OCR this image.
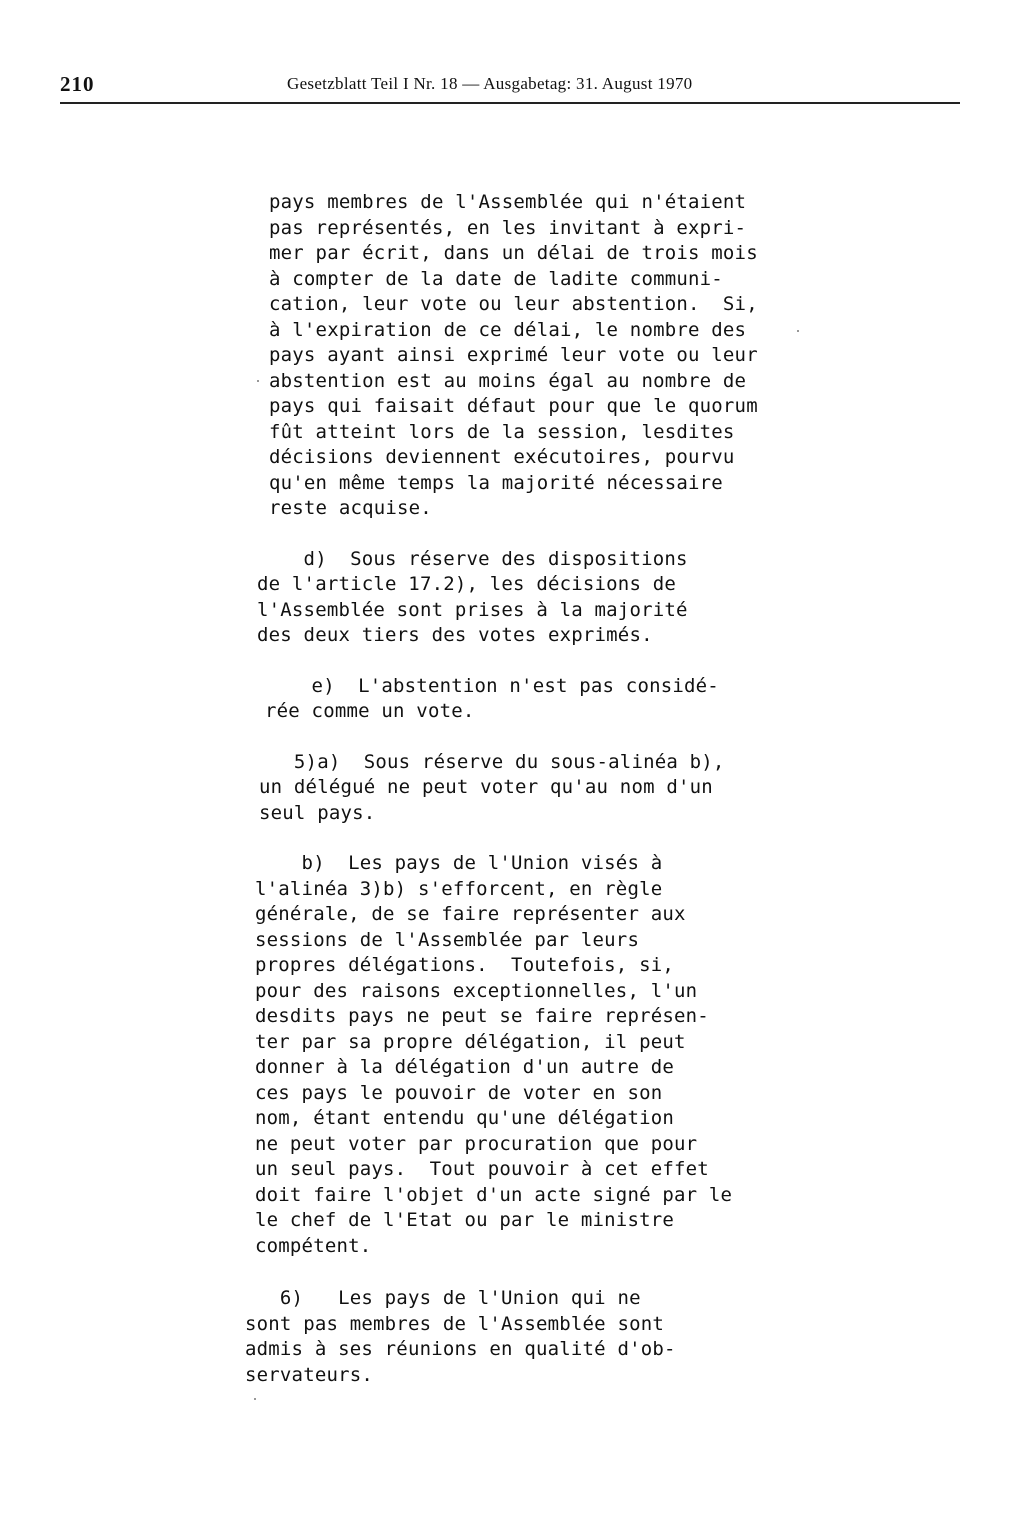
210	Gesetzblatt Teil I Nr. 18 — Ausgabetag: 31. August 1970
pays membres de l'Assemblée qui n'étaient
pas représentés, en les invitant à expri-
mer par écrit, dans un délai de trois mois
à compter de la date de ladite communi-
cation, leur vote ou leur abstention.  Si,
à l'expiration de ce délai, le nombre des
pays ayant ainsi exprimé leur vote ou leur
abstention est au moins égal au nombre de
pays qui faisait défaut pour que le quorum
fût atteint lors de la session, lesdites
décisions deviennent exécutoires, pourvu
qu'en même temps la majorité nécessaire
reste acquise.
d)  Sous réserve des dispositions
de l'article 17.2), les décisions de
l'Assemblée sont prises à la majorité
des deux tiers des votes exprimés.
e)  L'abstention n'est pas considé-
rée comme un vote.
5)a)  Sous réserve du sous-alinéa b),
un délégué ne peut voter qu'au nom d'un
seul pays.
b)  Les pays de l'Union visés à
l'alinéa 3)b) s'efforcent, en règle
générale, de se faire représenter aux
sessions de l'Assemblée par leurs
propres délégations.  Toutefois, si,
pour des raisons exceptionnelles, l'un
desdits pays ne peut se faire représen-
ter par sa propre délégation, il peut
donner à la délégation d'un autre de
ces pays le pouvoir de voter en son
nom, étant entendu qu'une délégation
ne peut voter par procuration que pour
un seul pays.  Tout pouvoir à cet effet
doit faire l'objet d'un acte signé par le
le chef de l'Etat ou par le ministre
compétent.
6)   Les pays de l'Union qui ne
sont pas membres de l'Assemblée sont
admis à ses réunions en qualité d'ob-
servateurs.
